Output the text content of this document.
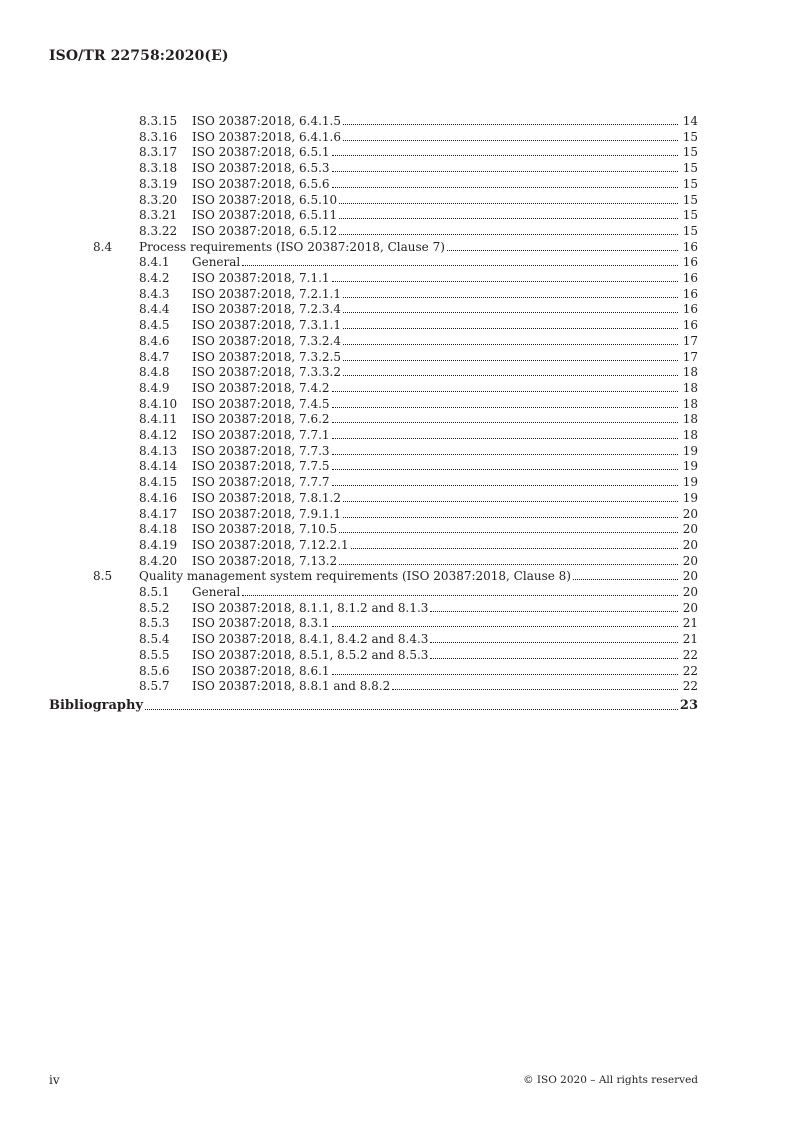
ISO/TR 22758:2020(E)
8.3.15 ISO 20387:2018, 6.4.1.5	14
8.3.16 ISO 20387:2018, 6.4.1.6	15
8.3.17 ISO 20387:2018, 6.5.1	15
8.3.18 ISO 20387:2018, 6.5.3	15
8.3.19 ISO 20387:2018, 6.5.6	15
8.3.20 ISO 20387:2018, 6.5.10	15
8.3.21 ISO 20387:2018, 6.5.11	15
8.3.22 ISO 20387:2018, 6.5.12	15
8.4 Process requirements (ISO 20387:2018, Clause 7)	16
8.4.1 General	16
8.4.2 ISO 20387:2018, 7.1.1	16
8.4.3 ISO 20387:2018, 7.2.1.1	16
8.4.4 ISO 20387:2018, 7.2.3.4	16
8.4.5 ISO 20387:2018, 7.3.1.1	16
8.4.6 ISO 20387:2018, 7.3.2.4	17
8.4.7 ISO 20387:2018, 7.3.2.5	17
8.4.8 ISO 20387:2018, 7.3.3.2	18
8.4.9 ISO 20387:2018, 7.4.2	18
8.4.10 ISO 20387:2018, 7.4.5	18
8.4.11 ISO 20387:2018, 7.6.2	18
8.4.12 ISO 20387:2018, 7.7.1	18
8.4.13 ISO 20387:2018, 7.7.3	19
8.4.14 ISO 20387:2018, 7.7.5	19
8.4.15 ISO 20387:2018, 7.7.7	19
8.4.16 ISO 20387:2018, 7.8.1.2	19
8.4.17 ISO 20387:2018, 7.9.1.1	20
8.4.18 ISO 20387:2018, 7.10.5	20
8.4.19 ISO 20387:2018, 7.12.2.1	20
8.4.20 ISO 20387:2018, 7.13.2	20
8.5 Quality management system requirements (ISO 20387:2018, Clause 8)	20
8.5.1 General	20
8.5.2 ISO 20387:2018, 8.1.1, 8.1.2 and 8.1.3	20
8.5.3 ISO 20387:2018, 8.3.1	21
8.5.4 ISO 20387:2018, 8.4.1, 8.4.2 and 8.4.3	21
8.5.5 ISO 20387:2018, 8.5.1, 8.5.2 and 8.5.3	22
8.5.6 ISO 20387:2018, 8.6.1	22
8.5.7 ISO 20387:2018, 8.8.1 and 8.8.2	22
Bibliography	23
iv	© ISO 2020 – All rights reserved
